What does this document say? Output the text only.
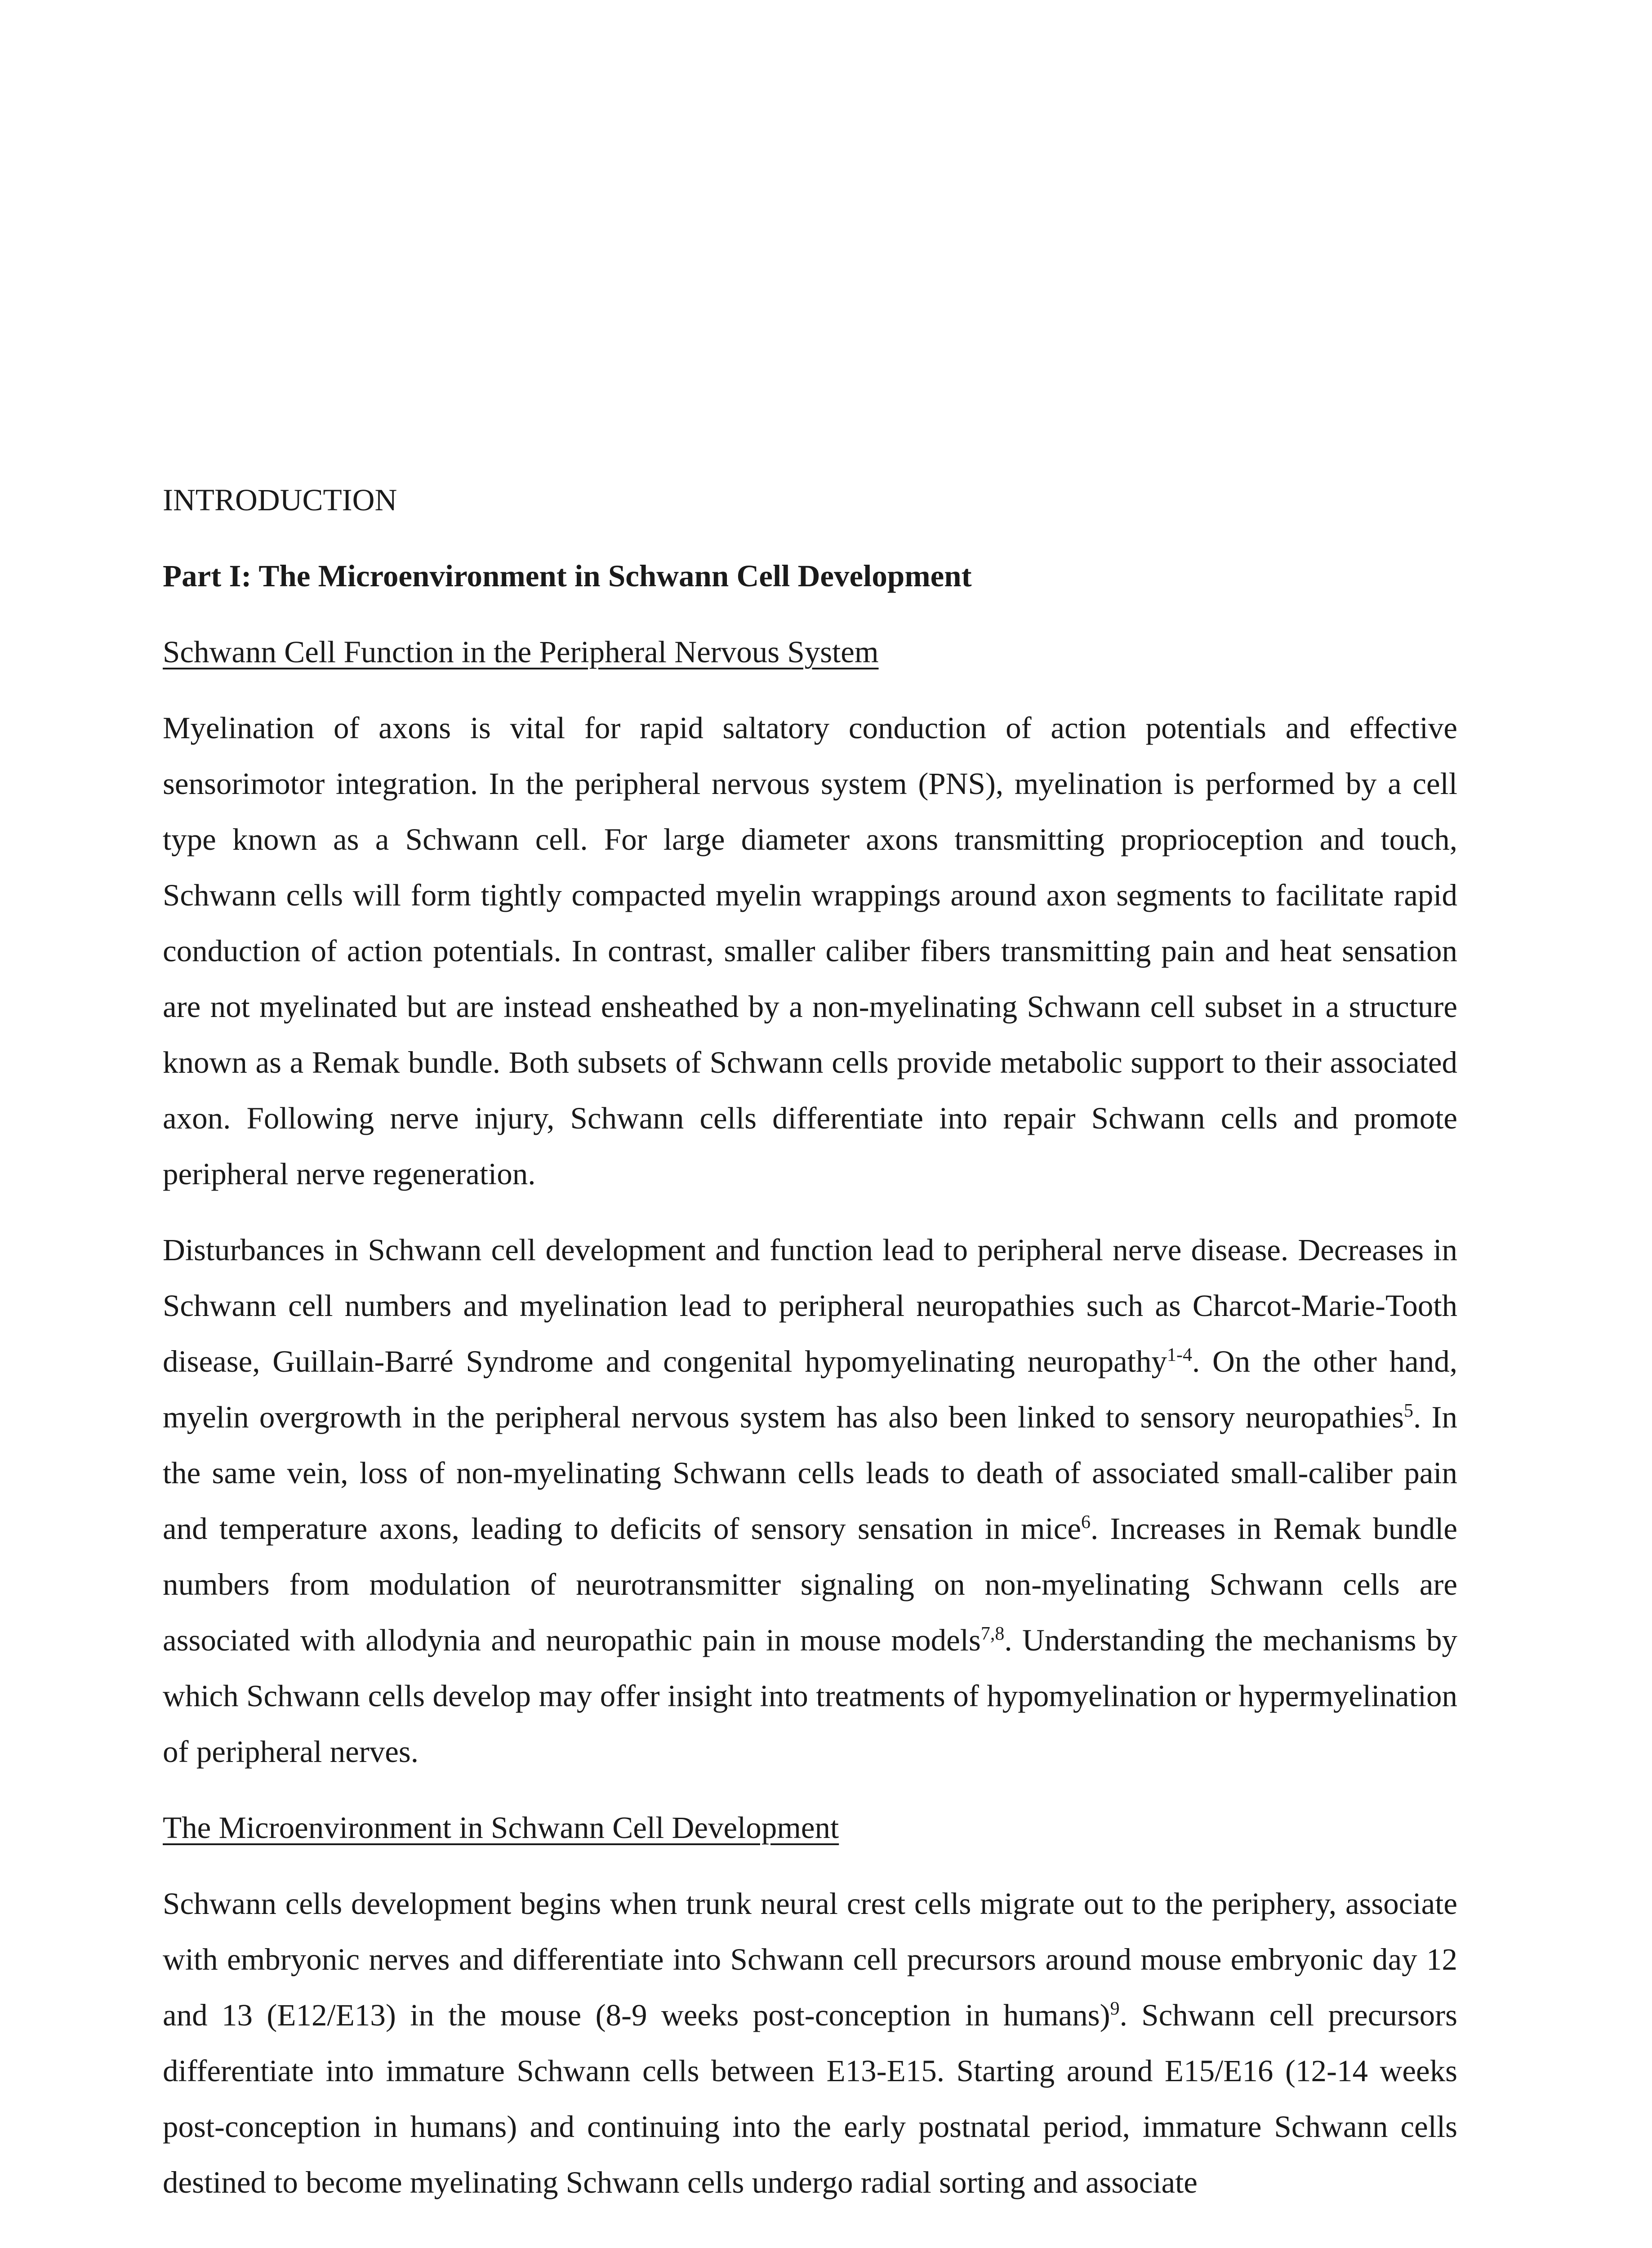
INTRODUCTION

Part I: The Microenvironment in Schwann Cell Development

Schwann Cell Function in the Peripheral Nervous System

Myelination of axons is vital for rapid saltatory conduction of action potentials and effective sensorimotor integration. In the peripheral nervous system (PNS), myelination is performed by a cell type known as a Schwann cell. For large diameter axons transmitting proprioception and touch, Schwann cells will form tightly compacted myelin wrappings around axon segments to facilitate rapid conduction of action potentials. In contrast, smaller caliber fibers transmitting pain and heat sensation are not myelinated but are instead ensheathed by a non-myelinating Schwann cell subset in a structure known as a Remak bundle. Both subsets of Schwann cells provide metabolic support to their associated axon. Following nerve injury, Schwann cells differentiate into repair Schwann cells and promote peripheral nerve regeneration.

Disturbances in Schwann cell development and function lead to peripheral nerve disease. Decreases in Schwann cell numbers and myelination lead to peripheral neuropathies such as Charcot-Marie-Tooth disease, Guillain-Barré Syndrome and congenital hypomyelinating neuropathy$^{1-4}$. On the other hand, myelin overgrowth in the peripheral nervous system has also been linked to sensory neuropathies$^5$. In the same vein, loss of non-myelinating Schwann cells leads to death of associated small-caliber pain and temperature axons, leading to deficits of sensory sensation in mice$^6$. Increases in Remak bundle numbers from modulation of neurotransmitter signaling on non-myelinating Schwann cells are associated with allodynia and neuropathic pain in mouse models$^{7,8}$. Understanding the mechanisms by which Schwann cells develop may offer insight into treatments of hypomyelination or hypermyelination of peripheral nerves.

The Microenvironment in Schwann Cell Development

Schwann cells development begins when trunk neural crest cells migrate out to the periphery, associate with embryonic nerves and differentiate into Schwann cell precursors around mouse embryonic day 12 and 13 (E12/E13) in the mouse (8-9 weeks post-conception in humans)$^9$. Schwann cell precursors differentiate into immature Schwann cells between E13-E15. Starting around E15/E16 (12-14 weeks post-conception in humans) and continuing into the early postnatal period, immature Schwann cells destined to become myelinating Schwann cells undergo radial sorting and associate
